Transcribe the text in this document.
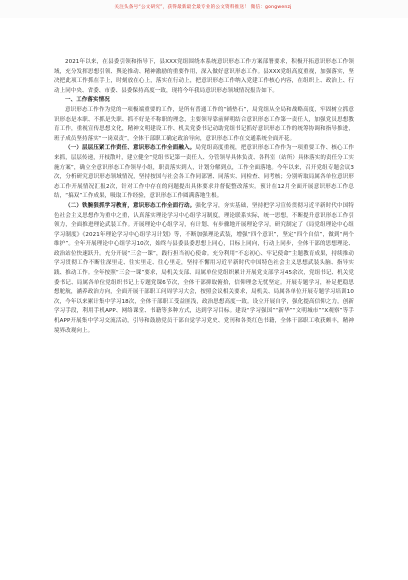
关注头条号“公文研究”，获得最新最全最专业的公文资料推送！ 微信：gongwenzj

2021年以来，在县委引领和指导下，县XXX党组围绕本系统意识形态工作方案部署要求，积极开拓意识形态工作领域，充分发挥思想引领、舆论推动、精神激励的重要作用，深入做好意识形态工作。县XXX党组高度重视，加强落实，坚决把此项工作抓在手上，时刻放在心上，落实在行动上，把意识形态工作纳入党建工作核心内容，在组织上、政治上、行动上同中央、省委、市委、县委保持高度一致，现将今年我局意识形态领域情况报告如下。

一、工作落实情况

意识形态工作作为党的一项极端重要的工作，是所有普通工作的“铺垫石”，局党组从全局和战略高度，牢固树立抓意识形态是本职、不抓是失职、抓不好是不称职的理念，主要领导靠前鲜明结合意识形态工作第一责任人，加强党员思想教育工作，重视宣传思想文化，精神文明建设工作、机关党委书记动助党组书记抓好意识形态工作的统筹协调和指导推进，班子成员坚持落实“一岗双责”，全体干部职工确定政治导向，意识形态工作在交通系统全面开花。

（一）层层压紧工作责任、意识形态工作全面融入。局党组高度重视，把意识形态工作作为一项重要工作、核心工作来抓，层层传递，开枝散叶，建立健全“党组书记第一责任人、分管领导具体负责、各科室（站所）具体落实的责任分工实施方案”，确立全意识形态工作领导小组，职责落实到人，计划分解到点，工作全面落地。今年以来，召开党组专题会议3次，分析研究意识形态领域情况，坚持按国与社会各工作同部署、同落实、同检查、同考核；分别听取局属各单位意识形态工作开展情况汇报2次，针对工作中存在的问题提出具体要求并督促整改落实。预计在12月全面开展意识形态工作总结，“搞双”工作成果，吸取工作经验，意识形态工作圆满落地生根。

（二）铁腕狠抓学习教育，意识形态工作全面行动。强化学习，夯实基础，坚持把学习宣传贯彻习近平新时代中国特色社会主义思想作为重中之重，认真落实理论学习中心组学习制度，理论联系实际，统一思想，不断提升意识形态工作引领力，全面推进理论武装工作。开展理论中心组学习，有计划、有步骤地开展理论学习，研究制定了《局党组理论中心组学习制度》《2021年理论学习中心组学习计划》等，不断加强理论武装，增强“四个意识”，坚定“四个自信”，做到“两个维护”。全年开展理论中心组学习10次，始终与县委县委思想上同心，目标上同向，行动上同步，全体干部的思想理论、政治站位快速跃升。充分开展“三会一课”，践行担当初心使命。充分利用“不忘初心、牢记使命”主题教育成果，持续推动学习贯彻工作不断往深里走、往实里走、往心里走，坚持不懈用习近平新时代中国特色社会主义思想武装头脑、指导实践、推动工作。全年按照“三会一课”要求，局机关支部、局属单位党组织累计开展党支部学习45余次，党组书记、机关党委书记、局属各单位党组织书记上专题党课6节次，全体干部抑取俯拾，信仰理念无忧坚定。开展专题学习，补足把稳思想舵航，涵养政治方向，全面开展干部职工问周学习大会，按照会议相关要求，局机关、局属各单位开展专题学习培训10次，今年以来累计集中学习18次，全体干部职工受益匪浅，政治思想高度一致。设立开展自学，强化提高信仰之力，创新学习手段，利用手机APP、网络课堂、书籍等多种方式，达到学习目标。建设“学习强国”“新华”“文明城市”“X观察”等手机APP开展集中学习交流活动，引导和鼓励党员干部自觉学习党史、党刊和各类红色书籍，全体干部职工收获颇丰，精神境界改观向上。
